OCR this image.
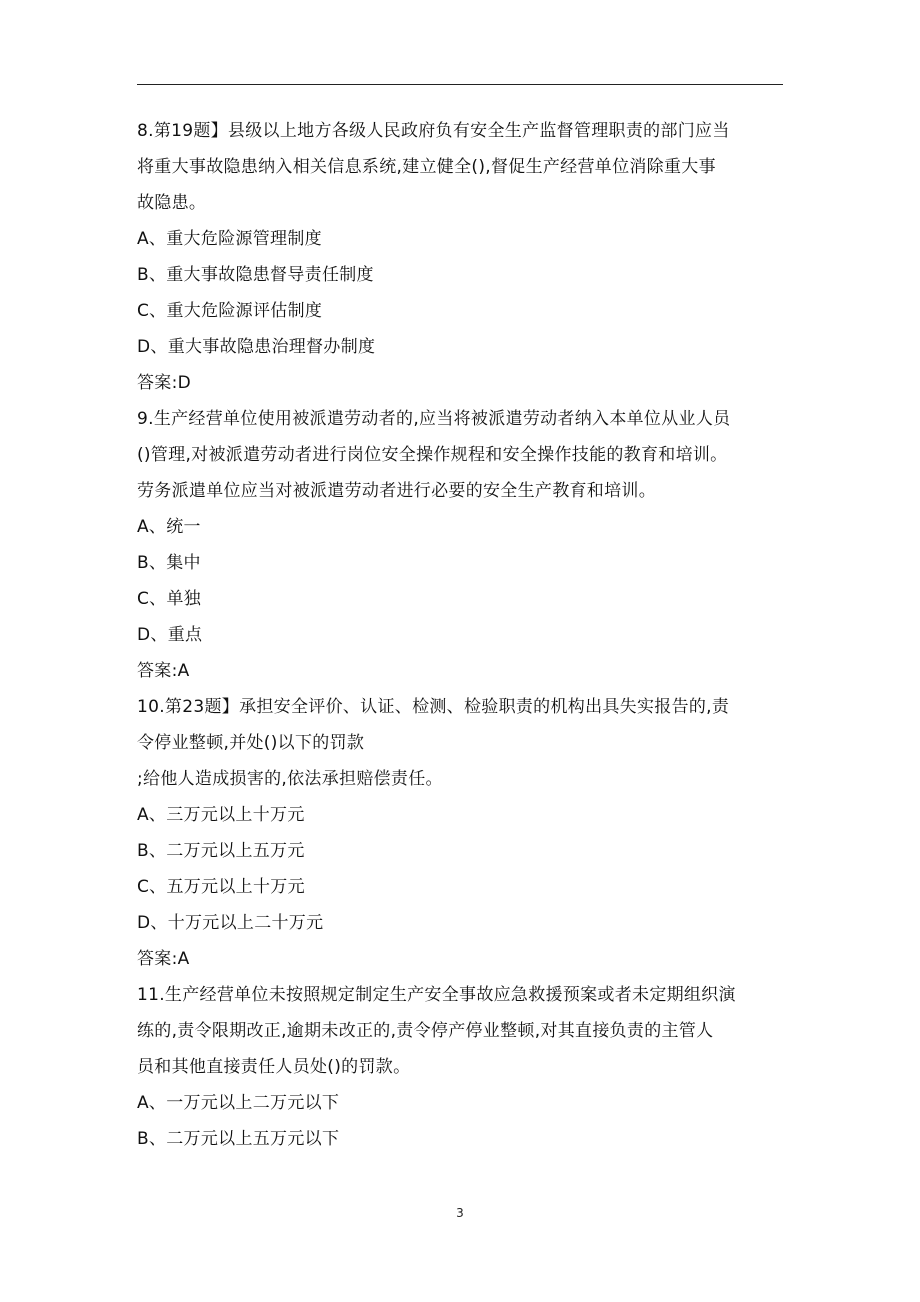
8.第19题】县级以上地方各级人民政府负有安全生产监督管理职责的部门应当
将重大事故隐患纳入相关信息系统,建立健全(),督促生产经营单位消除重大事
故隐患。
A、重大危险源管理制度
B、重大事故隐患督导责任制度
C、重大危险源评估制度
D、重大事故隐患治理督办制度
答案:D
9.生产经营单位使用被派遣劳动者的,应当将被派遣劳动者纳入本单位从业人员
()管理,对被派遣劳动者进行岗位安全操作规程和安全操作技能的教育和培训。
劳务派遣单位应当对被派遣劳动者进行必要的安全生产教育和培训。
A、统一
B、集中
C、单独
D、重点
答案:A
10.第23题】承担安全评价、认证、检测、检验职责的机构出具失实报告的,责
令停业整顿,并处()以下的罚款
;给他人造成损害的,依法承担赔偿责任。
A、三万元以上十万元
B、二万元以上五万元
C、五万元以上十万元
D、十万元以上二十万元
答案:A
11.生产经营单位未按照规定制定生产安全事故应急救援预案或者未定期组织演
练的,责令限期改正,逾期未改正的,责令停产停业整顿,对其直接负责的主管人
员和其他直接责任人员处()的罚款。
A、一万元以上二万元以下
B、二万元以上五万元以下
3
